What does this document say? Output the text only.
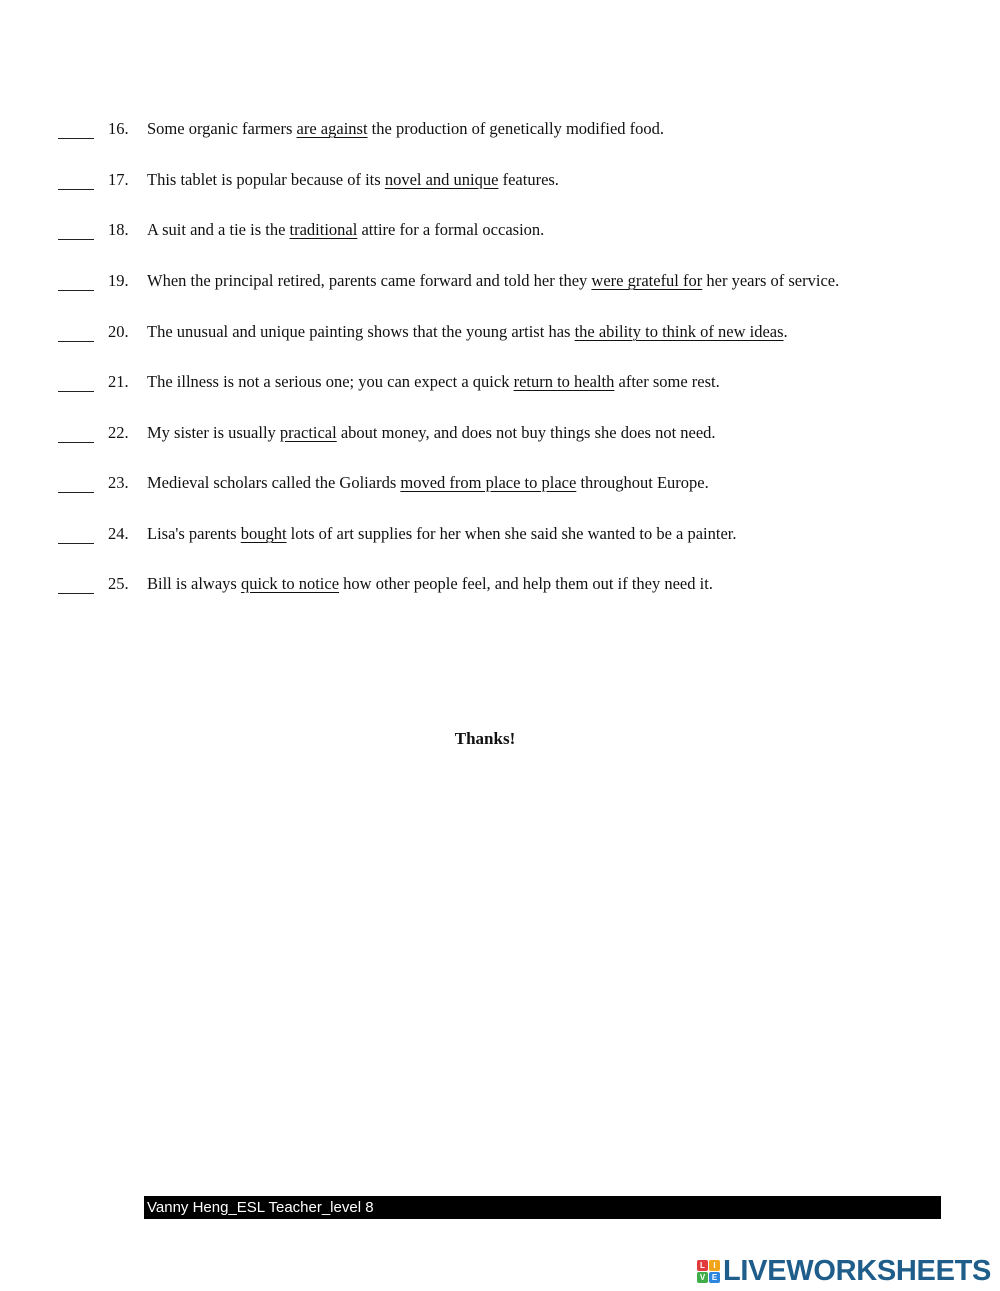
16. Some organic farmers are against the production of genetically modified food.
17. This tablet is popular because of its novel and unique features.
18. A suit and a tie is the traditional attire for a formal occasion.
19. When the principal retired, parents came forward and told her they were grateful for her years of service.
20. The unusual and unique painting shows that the young artist has the ability to think of new ideas.
21. The illness is not a serious one; you can expect a quick return to health after some rest.
22. My sister is usually practical about money, and does not buy things she does not need.
23. Medieval scholars called the Goliards moved from place to place throughout Europe.
24. Lisa's parents bought lots of art supplies for her when she said she wanted to be a painter.
25. Bill is always quick to notice how other people feel, and help them out if they need it.
Thanks!
Vanny Heng_ESL Teacher_level 8
L	I
V E LIVEWORKSHEETS
